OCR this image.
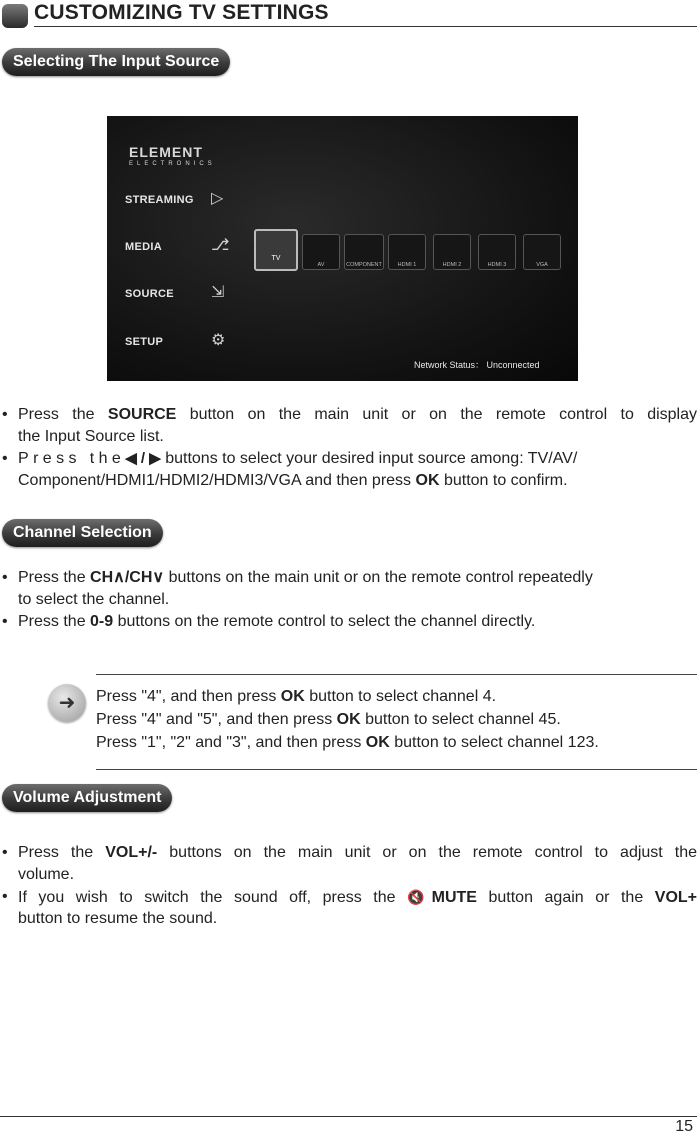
CUSTOMIZING TV SETTINGS
Selecting The Input Source
ELEMENT
ELECTRONICS
STREAMING ▷
MEDIA	⎇
SOURCE ⇲
SETUP	⚙
TV
AV	COMPONENT	HDMI 1	HDMI 2	HDMI 3	VGA
Network Status： Unconnected
• Press the SOURCE button on the main unit or on the remote control to display
the Input Source list.
• Press the◀ / ▶ buttons to select your desired input source among: TV/AV/
Component/HDMI1/HDMI2/HDMI3/VGA and then press OK button to confirm.
Channel Selection
• Press the CH∧/CH∨ buttons on the main unit or on the remote control repeatedly
to select the channel.
• Press the 0-9 buttons on the remote control to select the channel directly.
➜	Press "4", and then press OK button to select channel 4.
Press "4" and "5", and then press OK button to select channel 45.
Press "1", "2" and "3", and then press OK button to select channel 123.
Volume Adjustment
• Press the VOL+/- buttons on the main unit or on the remote control to adjust the
volume.
• If you wish to switch the sound off, press the 🔇MUTE button again or the VOL+
button to resume the sound.
15
